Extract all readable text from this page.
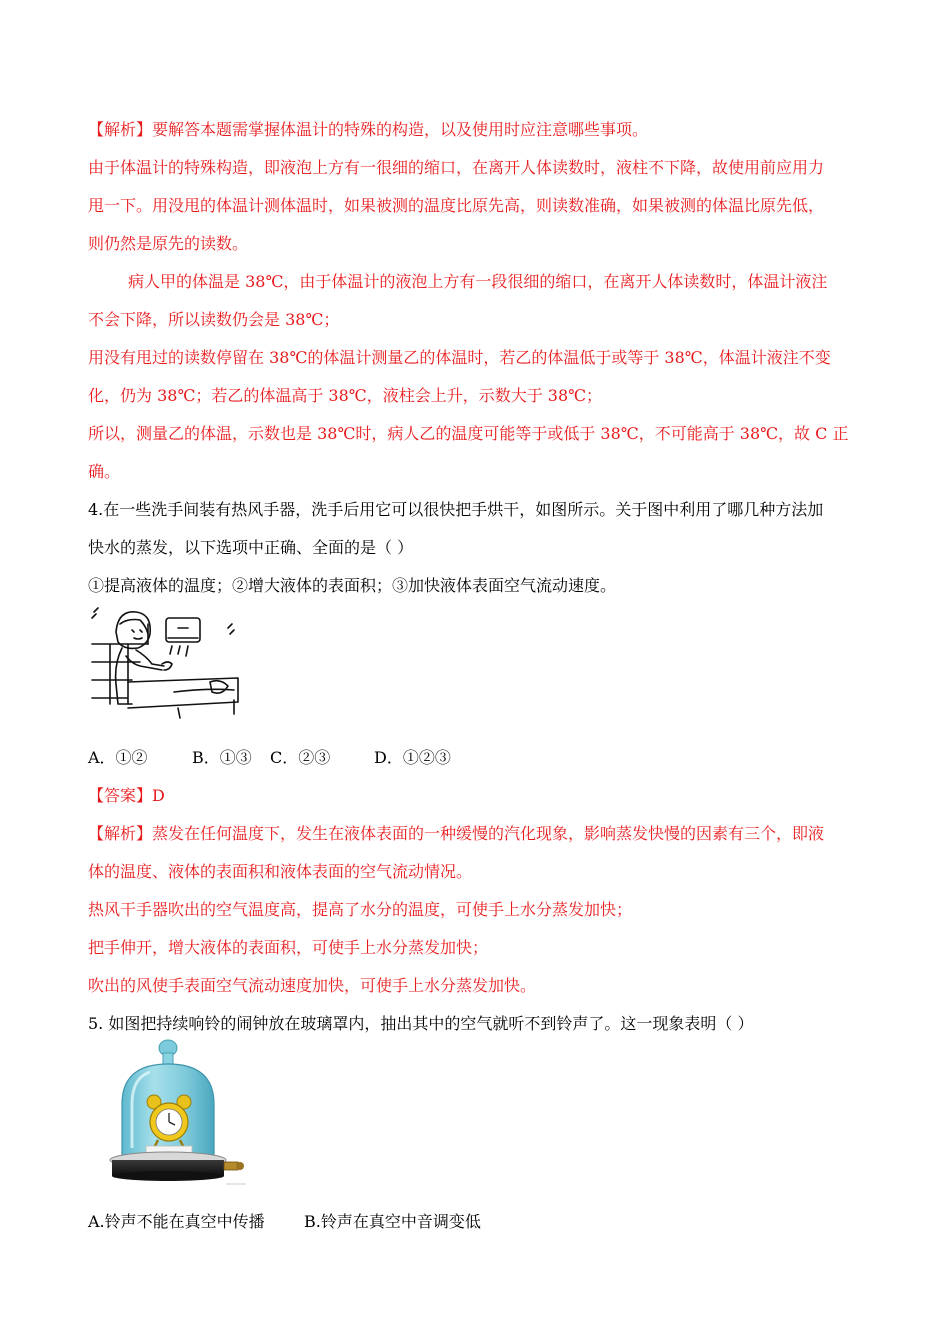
【解析】要解答本题需掌握体温计的特殊的构造，以及使用时应注意哪些事项。
由于体温计的特殊构造，即液泡上方有一很细的缩口，在离开人体读数时，液柱不下降，故使用前应用力
甩一下。用没甩的体温计测体温时，如果被测的温度比原先高，则读数准确，如果被测的体温比原先低，
则仍然是原先的读数。
病人甲的体温是 38℃，由于体温计的液泡上方有一段很细的缩口，在离开人体读数时，体温计液注
不会下降，所以读数仍会是 38℃；
用没有甩过的读数停留在 38℃的体温计测量乙的体温时，若乙的体温低于或等于 38℃，体温计液注不变
化，仍为 38℃；若乙的体温高于 38℃，液柱会上升，示数大于 38℃；
所以，测量乙的体温，示数也是 38℃时，病人乙的温度可能等于或低于 38℃，不可能高于 38℃，故 C 正
确。
4.在一些洗手间装有热风手器，洗手后用它可以很快把手烘干，如图所示。关于图中利用了哪几种方法加
快水的蒸发，以下选项中正确、全面的是（ ）
①提高液体的温度；②增大液体的表面积；③加快液体表面空气流动速度。
A．①②	B．①③ C．②③	D．①②③
【答案】D
【解析】蒸发在任何温度下，发生在液体表面的一种缓慢的汽化现象，影响蒸发快慢的因素有三个，即液
体的温度、液体的表面积和液体表面的空气流动情况。
热风干手器吹出的空气温度高，提高了水分的温度，可使手上水分蒸发加快；
把手伸开，增大液体的表面积，可使手上水分蒸发加快；
吹出的风使手表面空气流动速度加快，可使手上水分蒸发加快。
5. 如图把持续响铃的闹钟放在玻璃罩内，抽出其中的空气就听不到铃声了。这一现象表明（ ）
A.铃声不能在真空中传播 B.铃声在真空中音调变低
